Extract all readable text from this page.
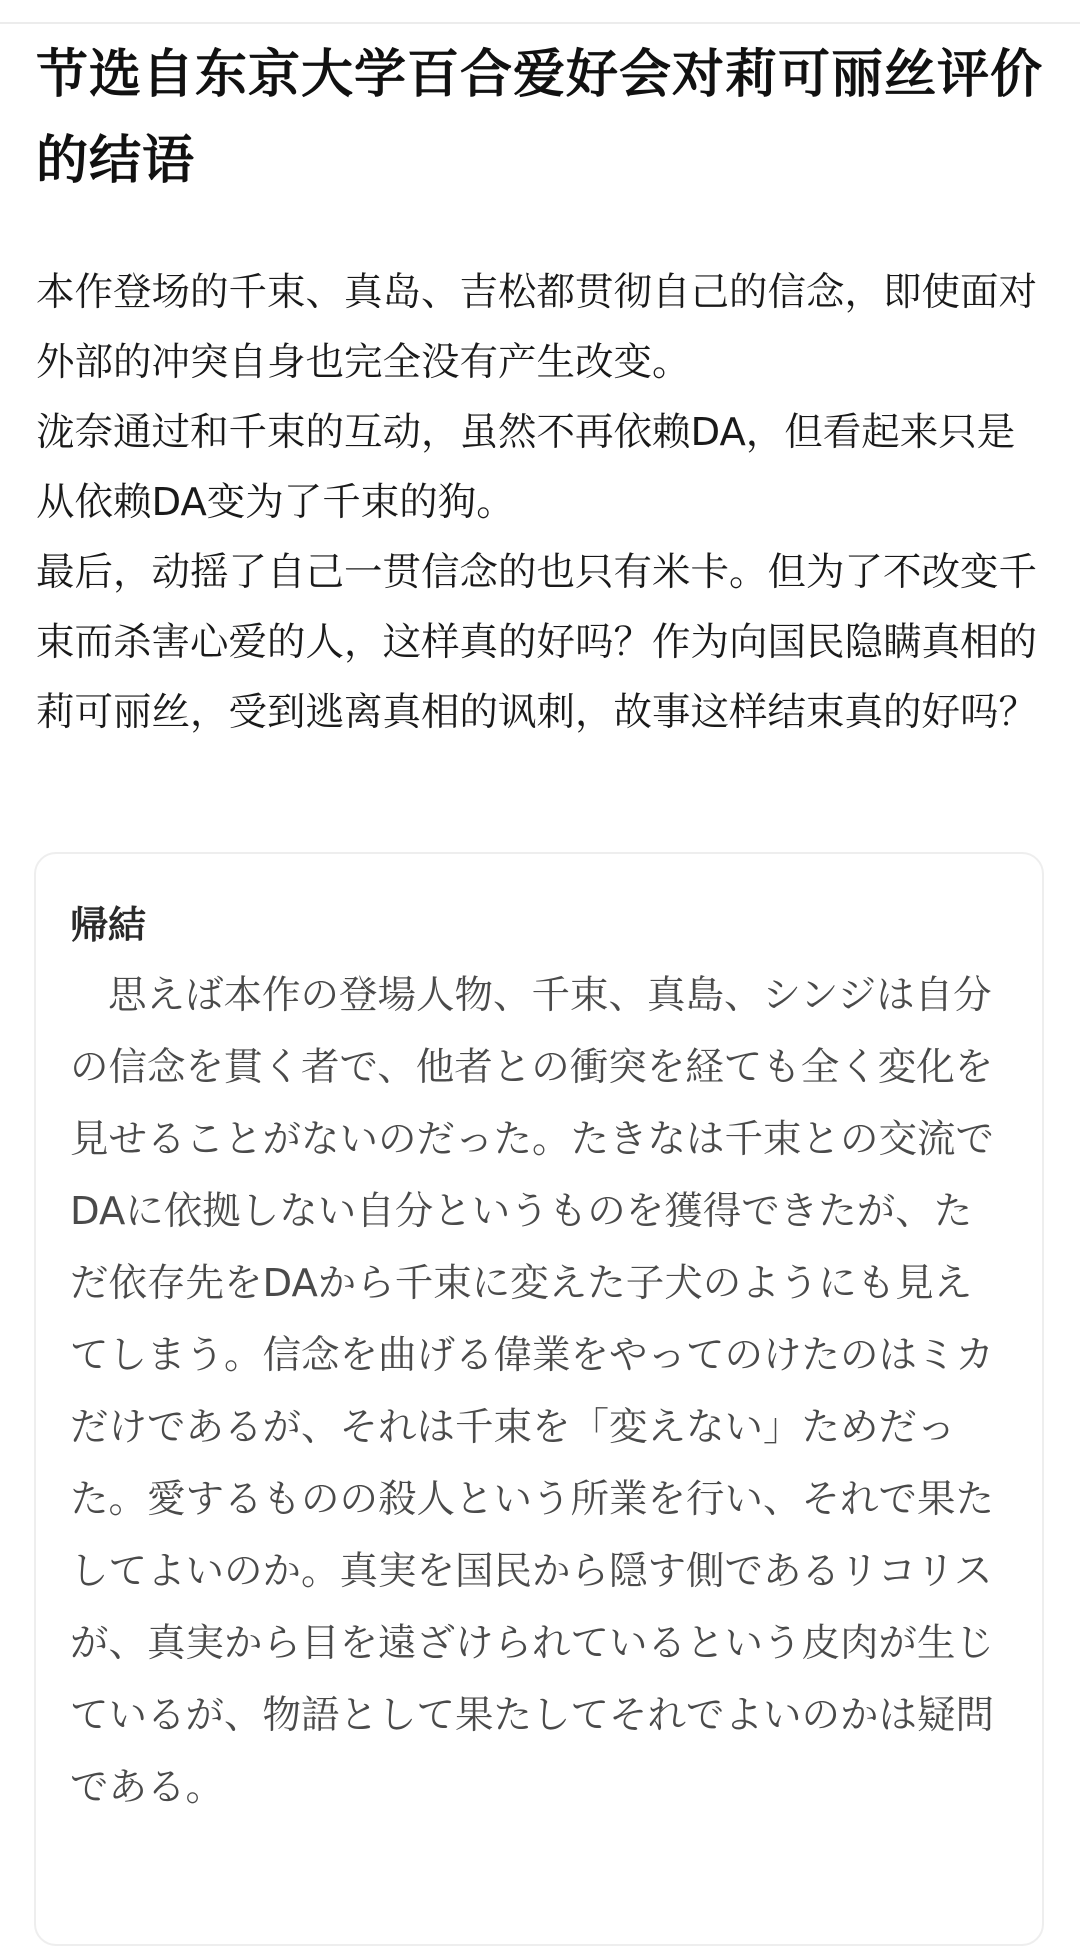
节选自东京大学百合爱好会对莉可丽丝评价的结语

本作登场的千束、真岛、吉松都贯彻自己的信念，即使面对外部的冲突自身也完全没有产生改变。

泷奈通过和千束的互动，虽然不再依赖DA，但看起来只是从依赖DA变为了千束的狗。

最后，动摇了自己一贯信念的也只有米卡。但为了不改变千束而杀害心爱的人，这样真的好吗？作为向国民隐瞒真相的莉可丽丝，受到逃离真相的讽刺，故事这样结束真的好吗？

帰結

思えば本作の登場人物、千束、真島、シンジは自分の信念を貫く者で、他者との衝突を経ても全く変化を見せることがないのだった。たきなは千束との交流でDAに依拠しない自分というものを獲得できたが、ただ依存先をDAから千束に変えた子犬のようにも見えてしまう。信念を曲げる偉業をやってのけたのはミカだけであるが、それは千束を「変えない」ためだった。愛するものの殺人という所業を行い、それで果たしてよいのか。真実を国民から隠す側であるリコリスが、真実から目を遠ざけられているという皮肉が生じているが、物語として果たしてそれでよいのかは疑問である。
